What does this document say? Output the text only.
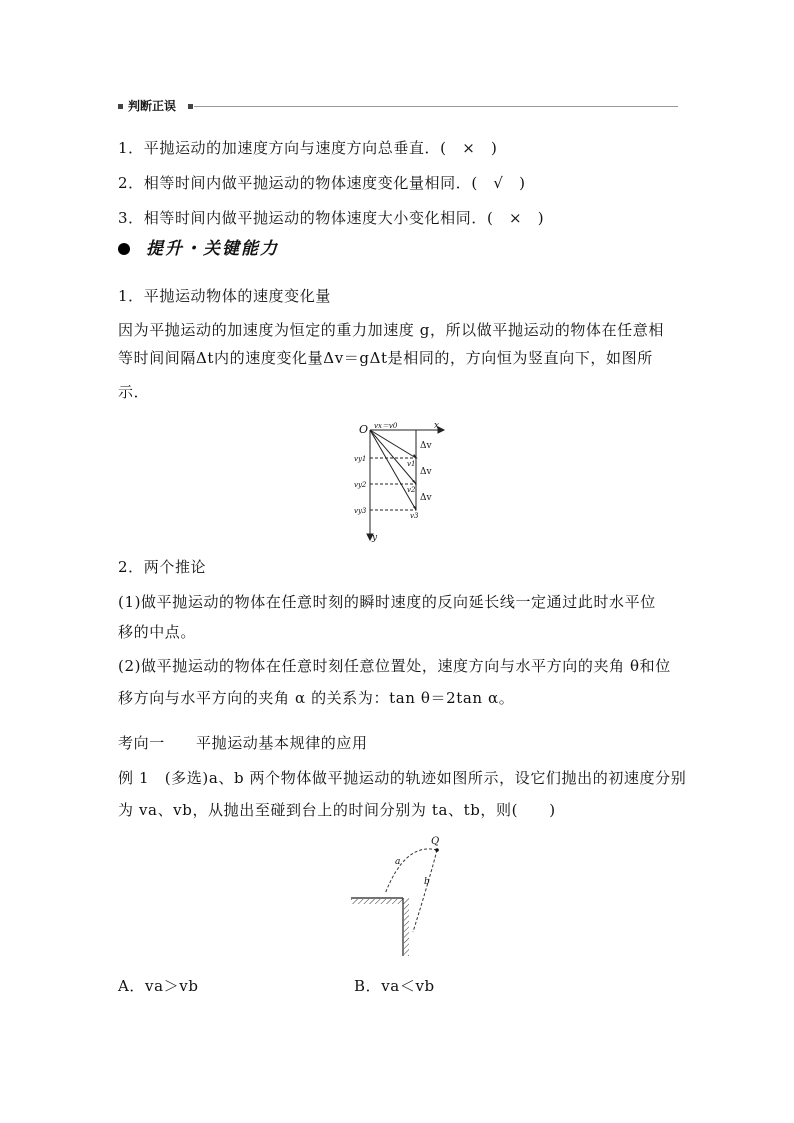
判断正误
1．平抛运动的加速度方向与速度方向总垂直．(　×　)
2．相等时间内做平抛运动的物体速度变化量相同．(　√　)
3．相等时间内做平抛运动的物体速度大小变化相同．(　×　)
提升・关键能力
1．平抛运动物体的速度变化量
因为平抛运动的加速度为恒定的重力加速度 g，所以做平抛运动的物体在任意相
等时间间隔Δt内的速度变化量Δv＝gΔt是相同的，方向恒为竖直向下，如图所
示．
O vx＝v0	x
y
Δv
Δv
Δv
vy1
vy2
vy3
v1
v2
v3
2．两个推论
(1)做平抛运动的物体在任意时刻的瞬时速度的反向延长线一定通过此时水平位
移的中点。
(2)做平抛运动的物体在任意时刻任意位置处，速度方向与水平方向的夹角 θ和位
移方向与水平方向的夹角 α 的关系为：tan θ＝2tan α。
考向一　　平抛运动基本规律的应用
例 1　(多选)a、b 两个物体做平抛运动的轨迹如图所示，设它们抛出的初速度分别
为 va、vb，从抛出至碰到台上的时间分别为 ta、tb，则(　　)
Q
a
b
A．va＞vb	B．va＜vb
